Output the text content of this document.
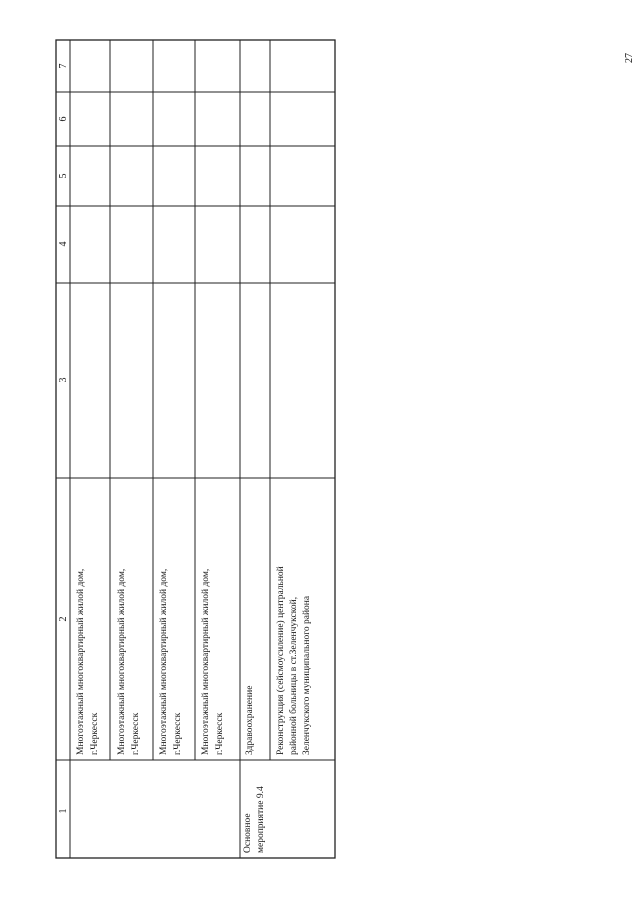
27
1
2
3
4
5
6
7
Многоэтажный многоквартирный жилой дом, г.Черкесск Многоэтажный многоквартирный жилой дом, г.Черкесск Многоэтажный многоквартирный жилой дом, г.Черкесск Многоэтажный многоквартирный жилой дом, г.Черкесск Здравоохранение
Основное мероприятие 9.4
Реконструкция (сейсмоусиление) центральной районной больницы в ст.Зеленчукской, Зеленчукского муниципального района
